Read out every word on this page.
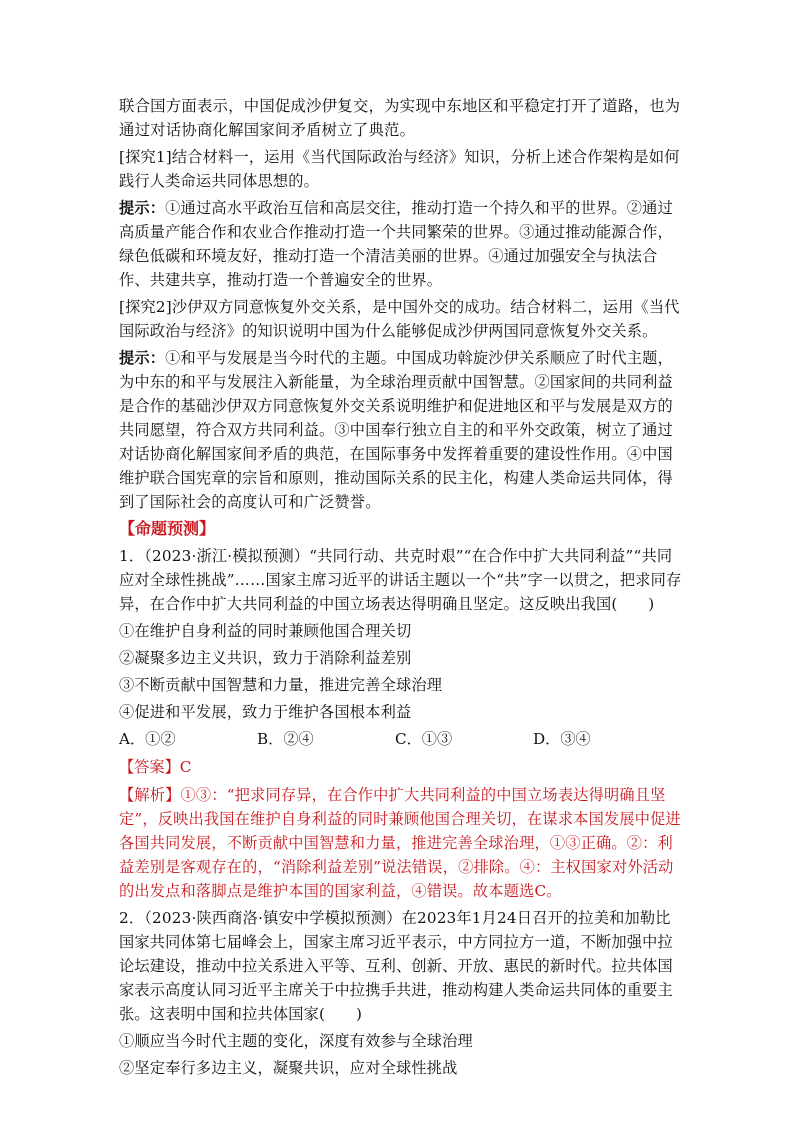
联合国方面表示，中国促成沙伊复交，为实现中东地区和平稳定打开了道路，也为通过对话协商化解国家间矛盾树立了典范。

[探究1]结合材料一，运用《当代国际政治与经济》知识，分析上述合作架构是如何践行人类命运共同体思想的。

提示：①通过高水平政治互信和高层交往，推动打造一个持久和平的世界。②通过高质量产能合作和农业合作推动打造一个共同繁荣的世界。③通过推动能源合作，绿色低碳和环境友好，推动打造一个清洁美丽的世界。④通过加强安全与执法合作、共建共享，推动打造一个普遍安全的世界。

[探究2]沙伊双方同意恢复外交关系，是中国外交的成功。结合材料二，运用《当代国际政治与经济》的知识说明中国为什么能够促成沙伊两国同意恢复外交关系。

提示：①和平与发展是当今时代的主题。中国成功斡旋沙伊关系顺应了时代主题，为中东的和平与发展注入新能量，为全球治理贡献中国智慧。②国家间的共同利益是合作的基础沙伊双方同意恢复外交关系说明维护和促进地区和平与发展是双方的共同愿望，符合双方共同利益。③中国奉行独立自主的和平外交政策，树立了通过对话协商化解国家间矛盾的典范，在国际事务中发挥着重要的建设性作用。④中国维护联合国宪章的宗旨和原则，推动国际关系的民主化，构建人类命运共同体，得到了国际社会的高度认可和广泛赞誉。

【命题预测】

1．（2023·浙江·模拟预测）“共同行动、共克时艰”“在合作中扩大共同利益”“共同应对全球性挑战”……国家主席习近平的讲话主题以一个“共”字一以贯之，把求同存异，在合作中扩大共同利益的中国立场表达得明确且坚定。这反映出我国(　　)

①在维护自身利益的同时兼顾他国合理关切

②凝聚多边主义共识，致力于消除利益差别

③不断贡献中国智慧和力量，推进完善全球治理

④促进和平发展，致力于维护各国根本利益

A．①②	B．②④	C．①③	D．③④
【答案】C

【解析】①③：“把求同存异，在合作中扩大共同利益的中国立场表达得明确且坚定”，反映出我国在维护自身利益的同时兼顾他国合理关切，在谋求本国发展中促进各国共同发展，不断贡献中国智慧和力量，推进完善全球治理，①③正确。②：利益差别是客观存在的，“消除利益差别”说法错误，②排除。④：主权国家对外活动的出发点和落脚点是维护本国的国家利益，④错误。故本题选C。

2．（2023·陕西商洛·镇安中学模拟预测）在2023年1月24日召开的拉美和加勒比国家共同体第七届峰会上，国家主席习近平表示，中方同拉方一道，不断加强中拉论坛建设，推动中拉关系进入平等、互利、创新、开放、惠民的新时代。拉共体国家表示高度认同习近平主席关于中拉携手共进，推动构建人类命运共同体的重要主张。这表明中国和拉共体国家(　　)

①顺应当今时代主题的变化，深度有效参与全球治理

②坚定奉行多边主义，凝聚共识，应对全球性挑战
